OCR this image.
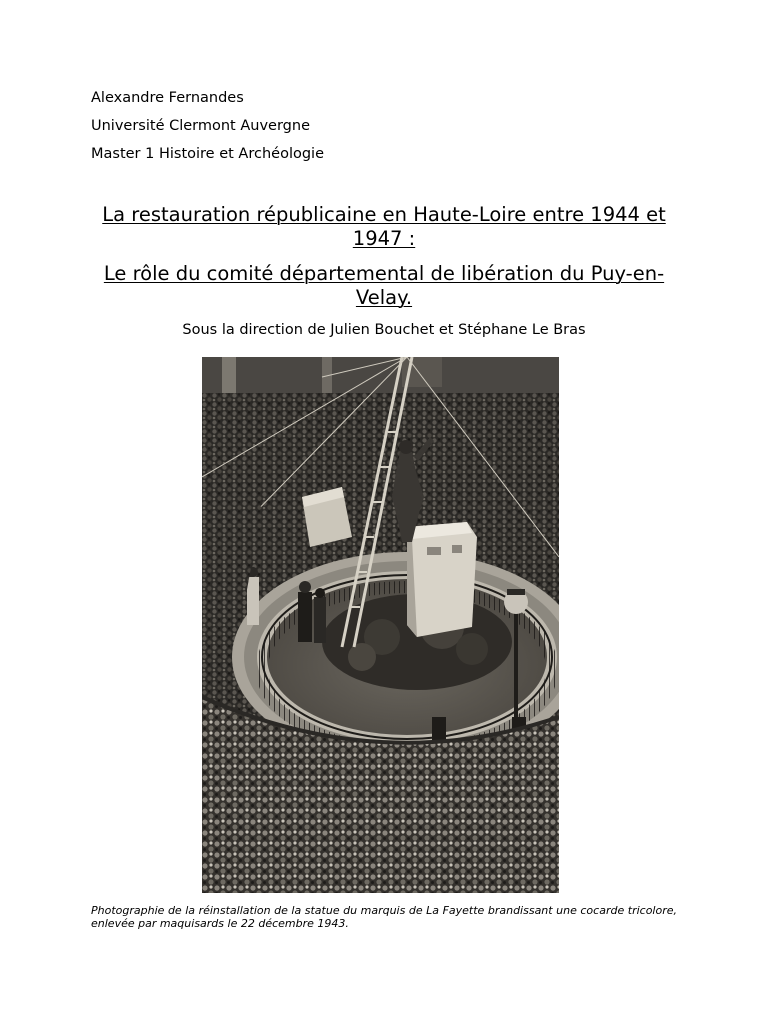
Alexandre Fernandes
Université Clermont Auvergne
Master 1 Histoire et Archéologie
La restauration républicaine en Haute-Loire entre 1944 et 1947 :
Le rôle du comité départemental de libération du Puy-en-Velay.
Sous la direction de Julien Bouchet et Stéphane Le Bras
Photographie de la réinstallation de la statue du marquis de La Fayette brandissant une cocarde tricolore, enlevée par maquisards le 22 décembre 1943.
